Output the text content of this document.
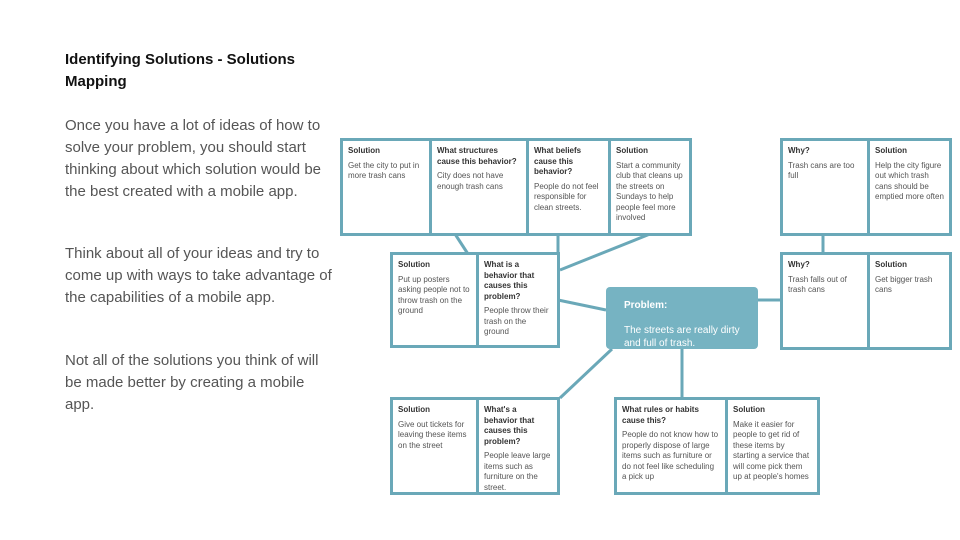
Identifying Solutions - Solutions Mapping
Once you have a lot of ideas of how to solve your problem, you should start thinking about which solution would be the best created with a mobile app.
Think about all of your ideas and try to come up with ways to take advantage of the capabilities of a mobile app.
Not all of the solutions you think of will be made better by creating a mobile app.
Solution
Get the city to put in more trash cans
What structures cause this behavior?
City does not have enough trash cans
What beliefs cause this behavior?
People do not feel responsible for clean streets.
Solution
Start a community club that cleans up the streets on Sundays to help people feel more involved
Solution
Put up posters asking people not to throw trash on the ground
What is a behavior that causes this problem?
People throw their trash on the ground
Why?
Trash cans are too full
Solution
Help the city figure out which trash cans should be emptied more often
Why?
Trash falls out of trash cans
Solution
Get bigger trash cans
Problem:
The streets are really dirty and full of trash.
Solution
Give out tickets for leaving these items on the street
What's a behavior that causes this problem?
People leave large items such as furniture on the street.
What rules or habits cause this?
People do not know how to properly dispose of large items such as furniture or do not feel like scheduling a pick up
Solution
Make it easier for people to get rid of these items by starting a service that will come pick them up at people's homes
